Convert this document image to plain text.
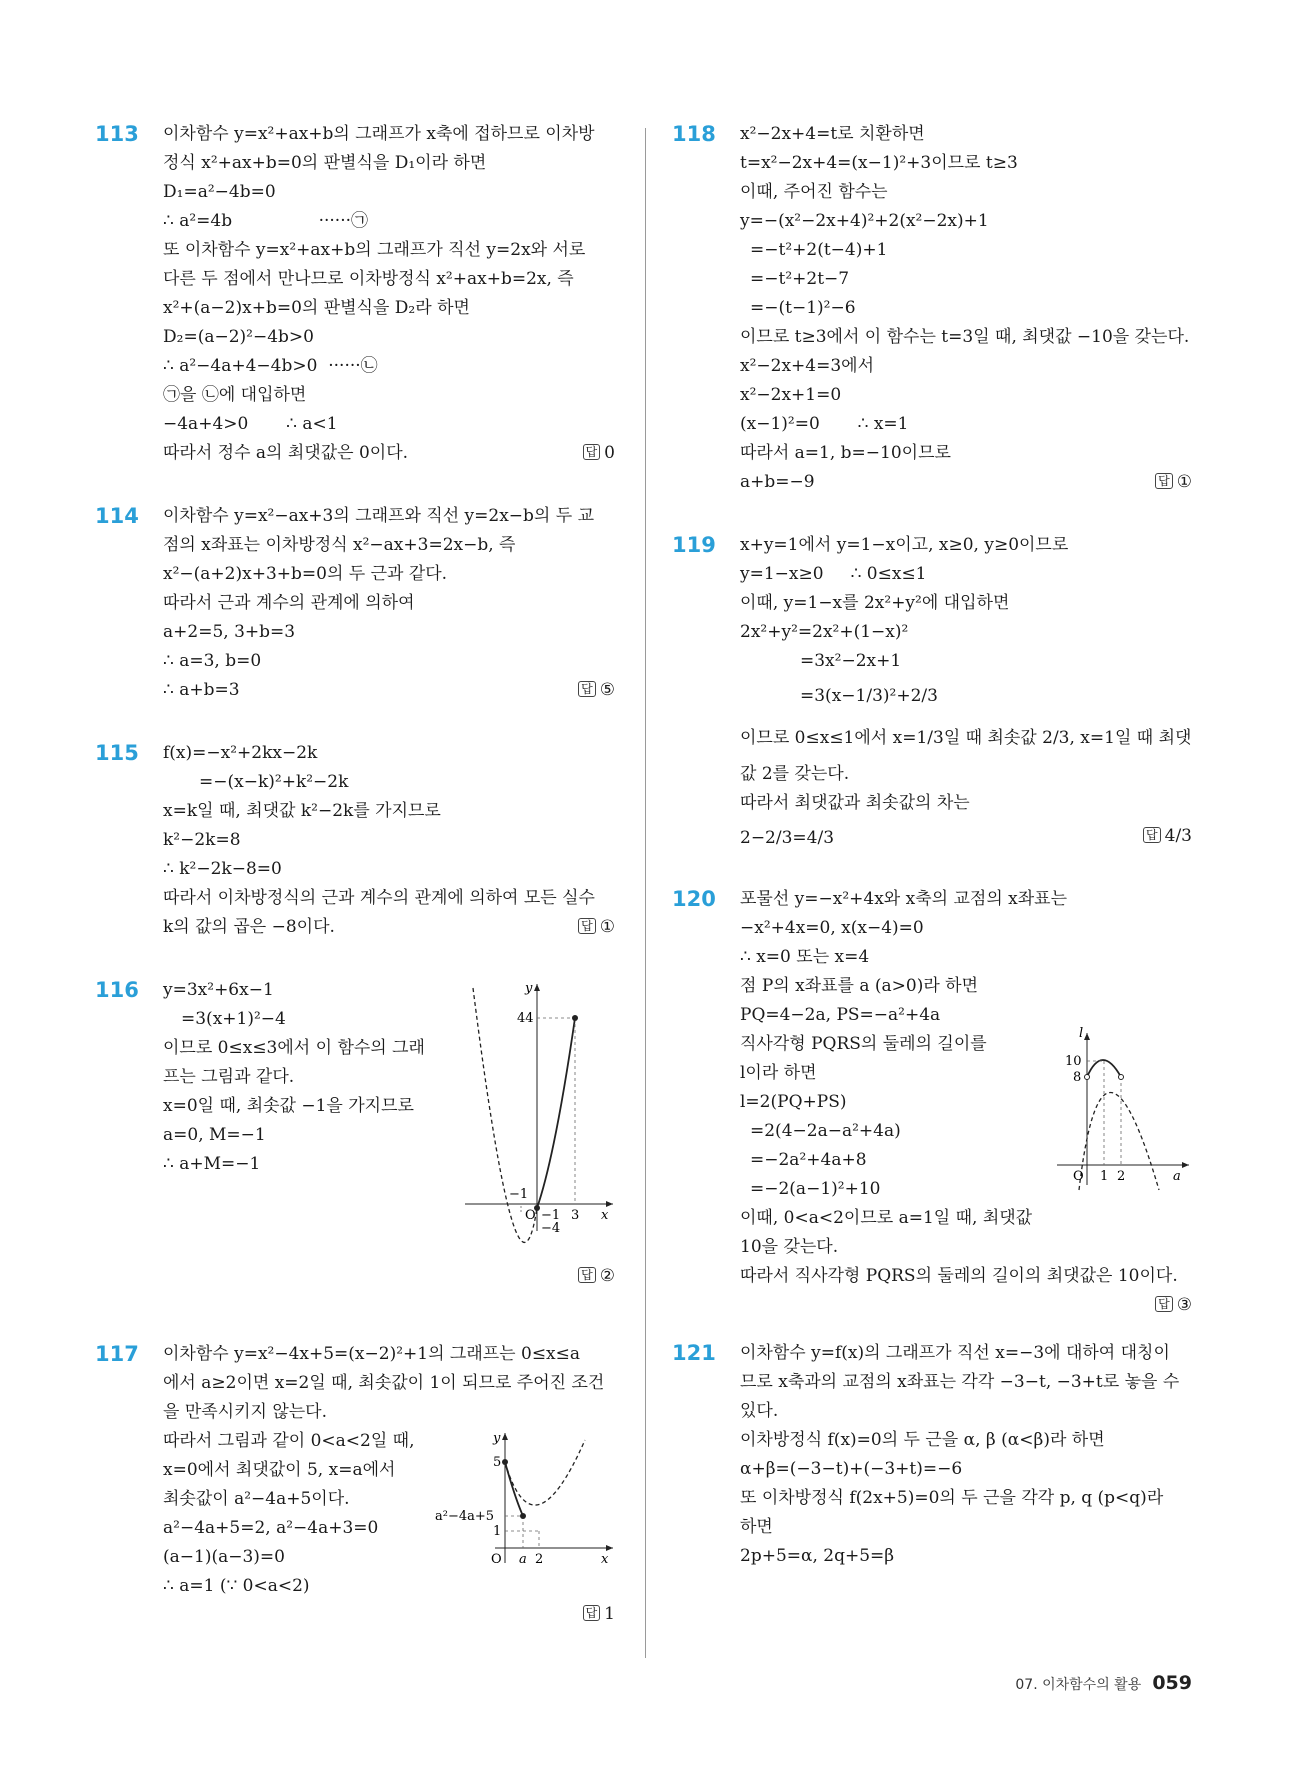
113 이차함수 y=x²+ax+b의 그래프가 x축에 접하므로 이차방
정식 x²+ax+b=0의 판별식을 D₁이라 하면
D₁=a²−4b=0
∴ a²=4b                ······㉠
또 이차함수 y=x²+ax+b의 그래프가 직선 y=2x와 서로
다른 두 점에서 만나므로 이차방정식 x²+ax+b=2x, 즉
x²+(a−2)x+b=0의 판별식을 D₂라 하면
D₂=(a−2)²−4b>0
∴ a²−4a+4−4b>0  ······㉡
㉠을 ㉡에 대입하면
−4a+4>0       ∴ a<1
따라서 정수 a의 최댓값은 0이다.	답 0
114 이차함수 y=x²−ax+3의 그래프와 직선 y=2x−b의 두 교
점의 x좌표는 이차방정식 x²−ax+3=2x−b, 즉
x²−(a+2)x+3+b=0의 두 근과 같다.
따라서 근과 계수의 관계에 의하여
a+2=5, 3+b=3
∴ a=3, b=0
∴ a+b=3	답 ⑤
115 f(x)=−x²+2kx−2k
=−(x−k)²+k²−2k
x=k일 때, 최댓값 k²−2k를 가지므로
k²−2k=8
∴ k²−2k−8=0
따라서 이차방정식의 근과 계수의 관계에 의하여 모든 실수
k의 값의 곱은 −8이다.	답 ①
116 y=3x²+6x−1
=3(x+1)²−4
이므로 0≤x≤3에서 이 함수의 그래
프는 그림과 같다.
x=0일 때, 최솟값 −1을 가지므로
a=0, M=−1
∴ a+M=−1
y
44
−1
O −1
−4
3 x
답 ②
117 이차함수 y=x²−4x+5=(x−2)²+1의 그래프는 0≤x≤a
에서 a≥2이면 x=2일 때, 최솟값이 1이 되므로 주어진 조건
을 만족시키지 않는다.
따라서 그림과 같이 0<a<2일 때,
x=0에서 최댓값이 5, x=a에서
최솟값이 a²−4a+5이다.
a²−4a+5=2, a²−4a+3=0
(a−1)(a−3)=0
∴ a=1 (∵ 0<a<2)
y
5
a²−4a+5
1
O a 2	x
답 1
118 x²−2x+4=t로 치환하면
t=x²−2x+4=(x−1)²+3이므로 t≥3
이때, 주어진 함수는
y=−(x²−2x+4)²+2(x²−2x)+1
=−t²+2(t−4)+1
=−t²+2t−7
=−(t−1)²−6
이므로 t≥3에서 이 함수는 t=3일 때, 최댓값 −10을 갖는다.
x²−2x+4=3에서
x²−2x+1=0
(x−1)²=0       ∴ x=1
따라서 a=1, b=−10이므로
a+b=−9	답 ①
119 x+y=1에서 y=1−x이고, x≥0, y≥0이므로
y=1−x≥0     ∴ 0≤x≤1
이때, y=1−x를 2x²+y²에 대입하면
2x²+y²=2x²+(1−x)²
=3x²−2x+1
=3(x−1/3)²+2/3
이므로 0≤x≤1에서 x=1/3일 때 최솟값 2/3, x=1일 때 최댓
값 2를 갖는다.
따라서 최댓값과 최솟값의 차는
2−2/3=4/3	답 4/3
120 포물선 y=−x²+4x와 x축의 교점의 x좌표는
−x²+4x=0, x(x−4)=0
∴ x=0 또는 x=4
점 P의 x좌표를 a (a>0)라 하면
PQ=4−2a, PS=−a²+4a
직사각형 PQRS의 둘레의 길이를
l이라 하면
l=2(PQ+PS)
=2(4−2a−a²+4a)
=−2a²+4a+8
=−2(a−1)²+10
이때, 0<a<2이므로 a=1일 때, 최댓값
10을 갖는다.
따라서 직사각형 PQRS의 둘레의 길이의 최댓값은 10이다.
l
10
8
O 1 2	a
답 ③
121 이차함수 y=f(x)의 그래프가 직선 x=−3에 대하여 대칭이
므로 x축과의 교점의 x좌표는 각각 −3−t, −3+t로 놓을 수
있다.
이차방정식 f(x)=0의 두 근을 α, β (α<β)라 하면
α+β=(−3−t)+(−3+t)=−6
또 이차방정식 f(2x+5)=0의 두 근을 각각 p, q (p<q)라
하면
2p+5=α, 2q+5=β
07. 이차함수의 활용 059
